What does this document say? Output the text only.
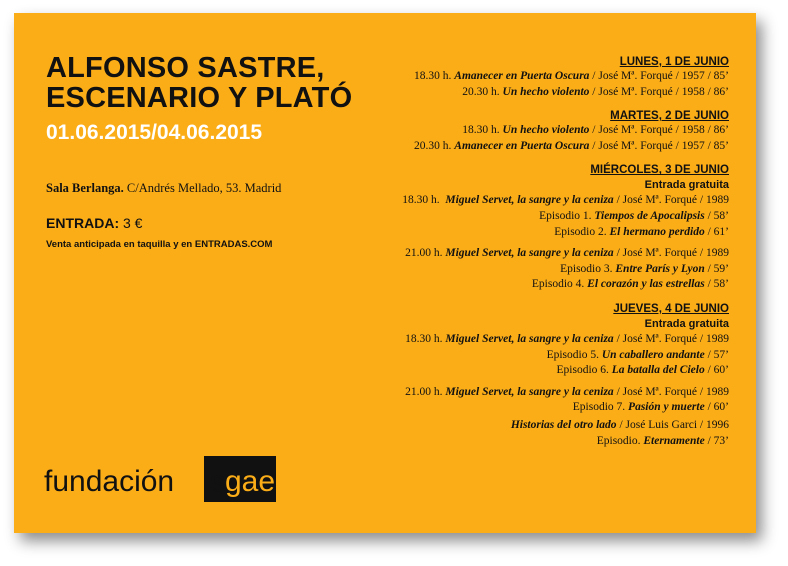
ALFONSO SASTRE,
ESCENARIO Y PLATÓ
01.06.2015/04.06.2015
Sala Berlanga. C/Andrés Mellado, 53. Madrid
ENTRADA: 3 €
Venta anticipada en taquilla y en ENTRADAS.COM
fundación sgae
LUNES, 1 DE JUNIO
18.30 h. Amanecer en Puerta Oscura / José Mª. Forqué / 1957 / 85’
20.30 h. Un hecho violento / José Mª. Forqué / 1958 / 86’
MARTES, 2 DE JUNIO
18.30 h. Un hecho violento / José Mª. Forqué / 1958 / 86’
20.30 h. Amanecer en Puerta Oscura / José Mª. Forqué / 1957 / 85’
MIÉRCOLES, 3 DE JUNIO
Entrada gratuita
18.30 h.  Miguel Servet, la sangre y la ceniza / José Mª. Forqué / 1989
Episodio 1. Tiempos de Apocalipsis / 58’
Episodio 2. El hermano perdido / 61’
21.00 h. Miguel Servet, la sangre y la ceniza / José Mª. Forqué / 1989
Episodio 3. Entre París y Lyon / 59’
Episodio 4. El corazón y las estrellas / 58’
JUEVES, 4 DE JUNIO
Entrada gratuita
18.30 h. Miguel Servet, la sangre y la ceniza / José Mª. Forqué / 1989
Episodio 5. Un caballero andante / 57’
Episodio 6. La batalla del Cielo / 60’
21.00 h. Miguel Servet, la sangre y la ceniza / José Mª. Forqué / 1989
Episodio 7. Pasión y muerte / 60’
Historias del otro lado / José Luis Garci / 1996
Episodio. Eternamente / 73’
